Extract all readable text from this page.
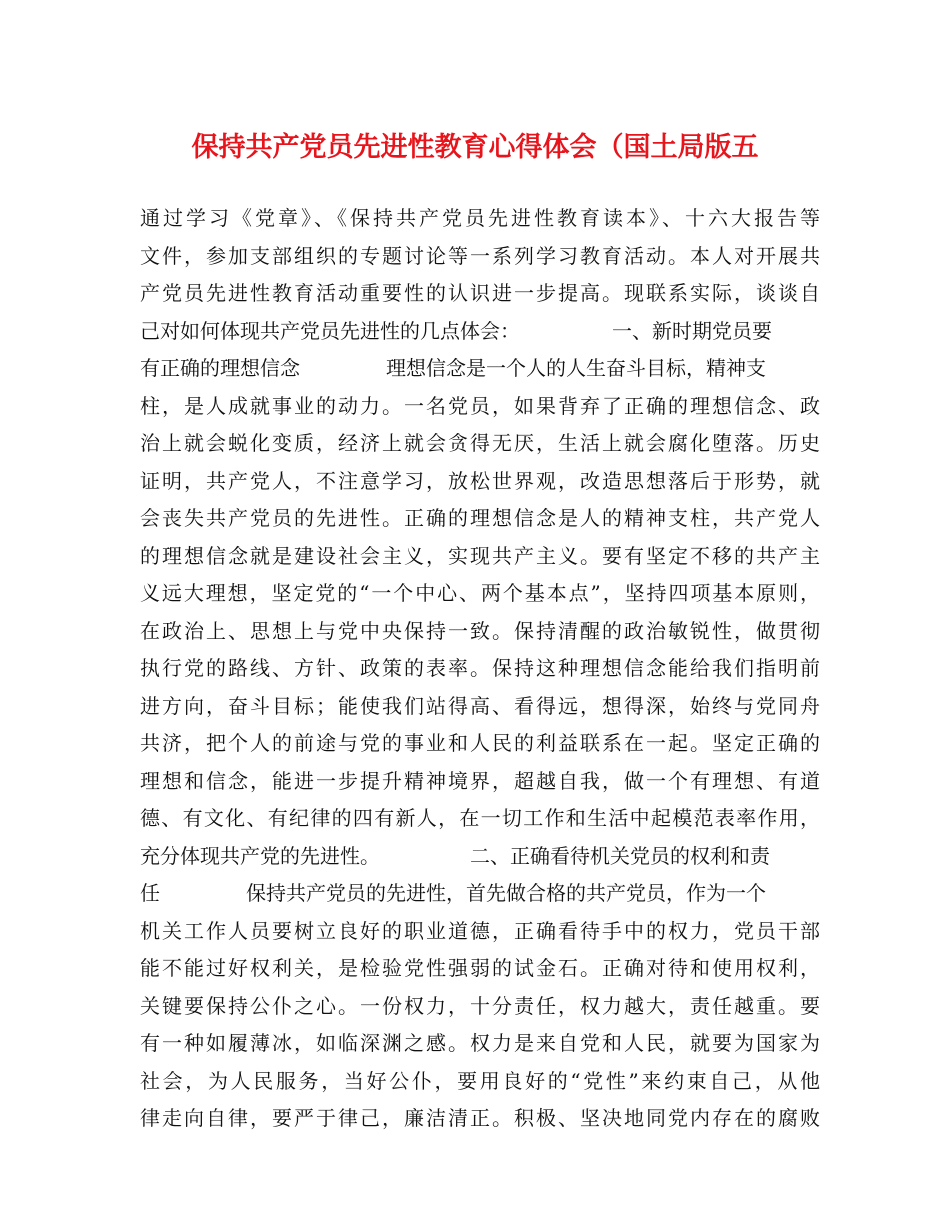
保持共产党员先进性教育心得体会（国土局版五
通过学习《党章》、《保持共产党员先进性教育读本》、十六大报告等
文件，参加支部组织的专题讨论等一系列学习教育活动。本人对开展共
产党员先进性教育活动重要性的认识进一步提高。现联系实际，谈谈自
己对如何体现共产党员先进性的几点体会：	一、新时期党员要
有正确的理想信念	理想信念是一个人的人生奋斗目标，精神支
柱，是人成就事业的动力。一名党员，如果背弃了正确的理想信念、政
治上就会蜕化变质，经济上就会贪得无厌，生活上就会腐化堕落。历史
证明，共产党人，不注意学习，放松世界观，改造思想落后于形势，就
会丧失共产党员的先进性。正确的理想信念是人的精神支柱，共产党人
的理想信念就是建设社会主义，实现共产主义。要有坚定不移的共产主
义远大理想，坚定党的“一个中心、两个基本点”，坚持四项基本原则，
在政治上、思想上与党中央保持一致。保持清醒的政治敏锐性，做贯彻
执行党的路线、方针、政策的表率。保持这种理想信念能给我们指明前
进方向，奋斗目标；能使我们站得高、看得远，想得深，始终与党同舟
共济，把个人的前途与党的事业和人民的利益联系在一起。坚定正确的
理想和信念，能进一步提升精神境界，超越自我，做一个有理想、有道
德、有文化、有纪律的四有新人，在一切工作和生活中起模范表率作用，
充分体现共产党的先进性。	二、正确看待机关党员的权利和责
任	保持共产党员的先进性，首先做合格的共产党员，作为一个
机关工作人员要树立良好的职业道德，正确看待手中的权力，党员干部
能不能过好权利关，是检验党性强弱的试金石。正确对待和使用权利，
关键要保持公仆之心。一份权力，十分责任，权力越大，责任越重。要
有一种如履薄冰，如临深渊之感。权力是来自党和人民，就要为国家为
社会，为人民服务，当好公仆，要用良好的“党性”来约束自己，从他
律走向自律，要严于律己，廉洁清正。积极、坚决地同党内存在的腐败
